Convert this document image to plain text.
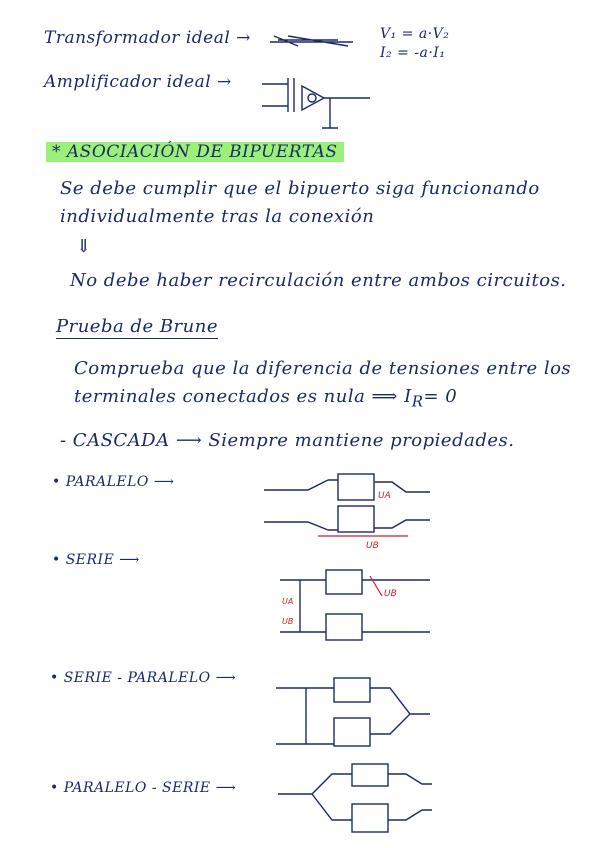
Transformador ideal →	V₁ = a·V₂
I₂ = -a·I₁
Amplificador ideal →
* ASOCIACIÓN DE BIPUERTAS
Se debe cumplir que el bipuerto siga funcionando
individualmente tras la conexión
⇓
No debe haber recirculación entre ambos circuitos.
Prueba de Brune
Comprueba que la diferencia de tensiones entre los
terminales conectados es nula ⟹ $I_R= 0$
- CASCADA ⟶ Siempre mantiene propiedades.
• PARALELO ⟶
UB
UA
• SERIE ⟶
UB
UA
UB
• SERIE - PARALELO ⟶
• PARALELO - SERIE ⟶
